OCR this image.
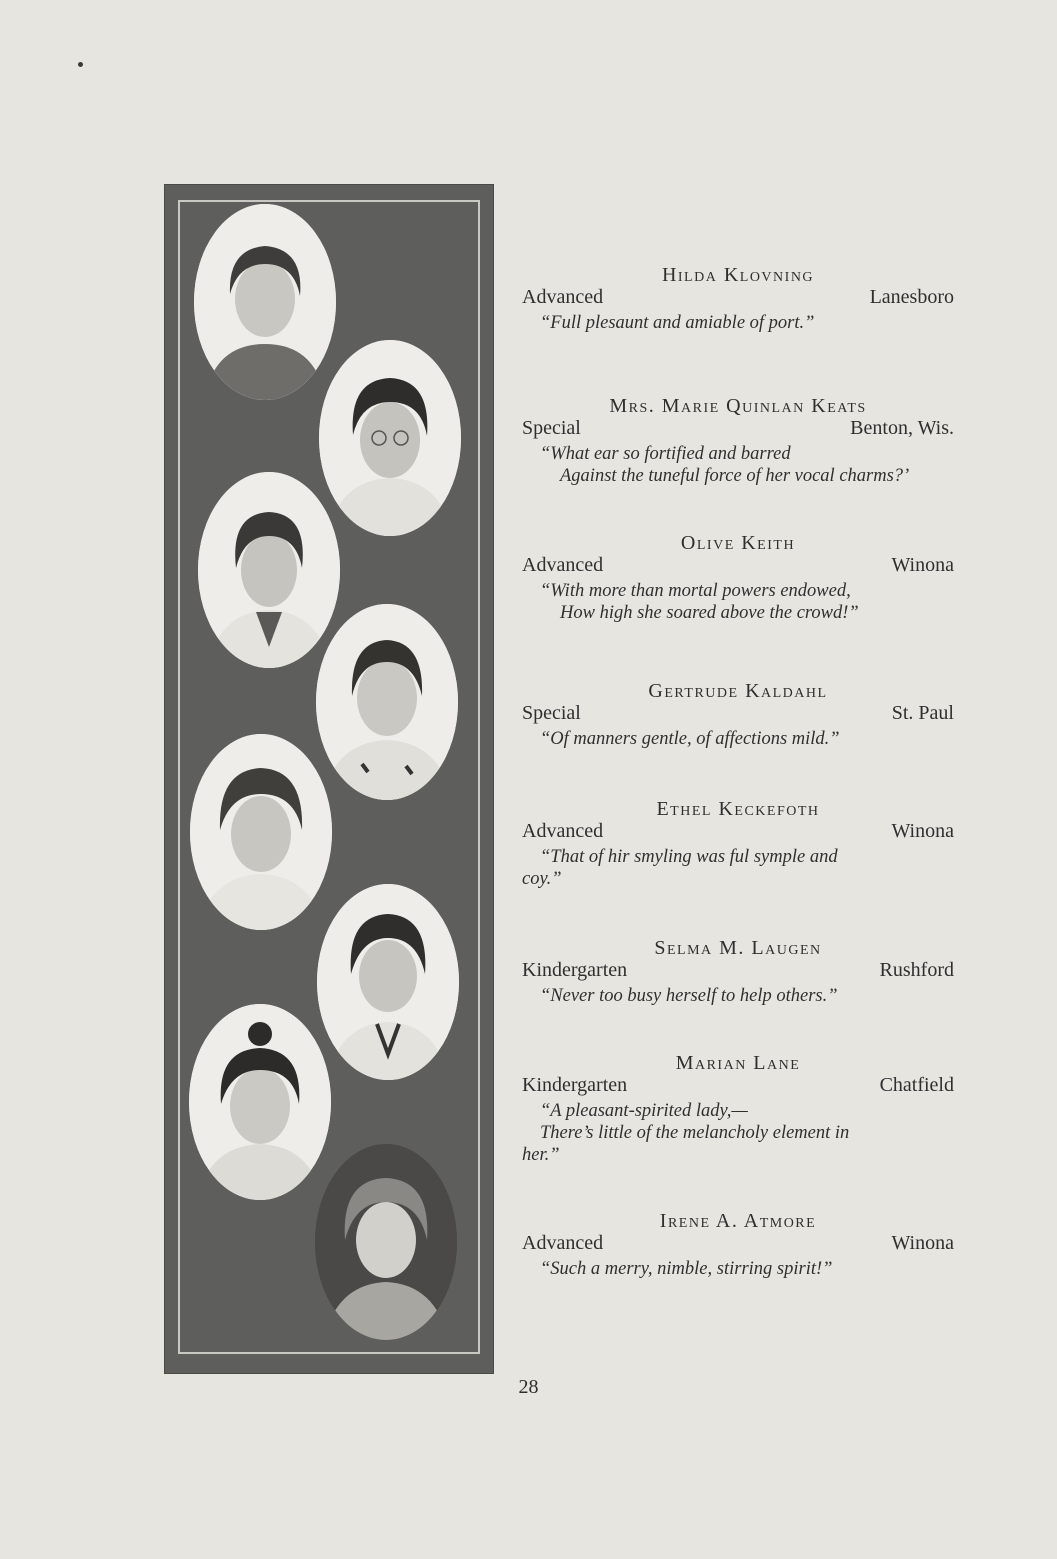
Hilda Klovning

Advanced	Lanesboro

“Full plesaunt and amiable of port.”

Mrs. Marie Quinlan Keats

Special	Benton, Wis.

“What ear so fortified and barred
Against the tuneful force of her vocal charms?’

Olive Keith

Advanced	Winona

“With more than mortal powers endowed,
How high she soared above the crowd!”

Gertrude Kaldahl

Special	St. Paul

“Of manners gentle, of affections mild.”

Ethel Keckefoth

Advanced	Winona

“That of hir smyling was ful symple and
coy.”

Selma M. Laugen

Kindergarten	Rushford

“Never too busy herself to help others.”

Marian Lane

Kindergarten	Chatfield

“A pleasant-spirited lady,—
There’s little of the melancholy element in
her.”

Irene A. Atmore

Advanced	Winona

“Such a merry, nimble, stirring spirit!”

28
